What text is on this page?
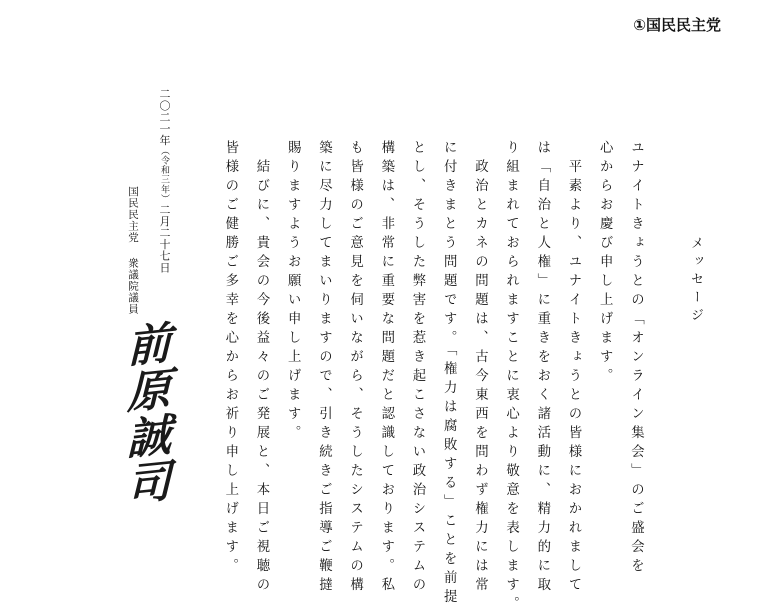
①国民民主党
メッセージ
ユナイトきょうとの「オンライン集会」のご盛会を
心からお慶び申し上げます。
　平素より、ユナイトきょうとの皆様におかれまして
は「自治と人権」に重きをおく諸活動に、精力的に取
り組まれておられますことに衷心より敬意を表します。
　政治とカネの問題は、古今東西を問わず権力には常
に付きまとう問題です。「権力は腐敗する」ことを前提
とし、そうした弊害を惹き起こさない政治システムの
構築は、非常に重要な問題だと認識しております。私
も皆様のご意見を伺いながら、そうしたシステムの構
築に尽力してまいりますので、引き続きご指導ご鞭撻
賜りますようお願い申し上げます。
　結びに、貴会の今後益々のご発展と、本日ご視聴の
皆様のご健勝ご多幸を心からお祈り申し上げます。
二〇二一年（令和三年）二月二十七日
国民民主党衆議院議員
前原誠司
